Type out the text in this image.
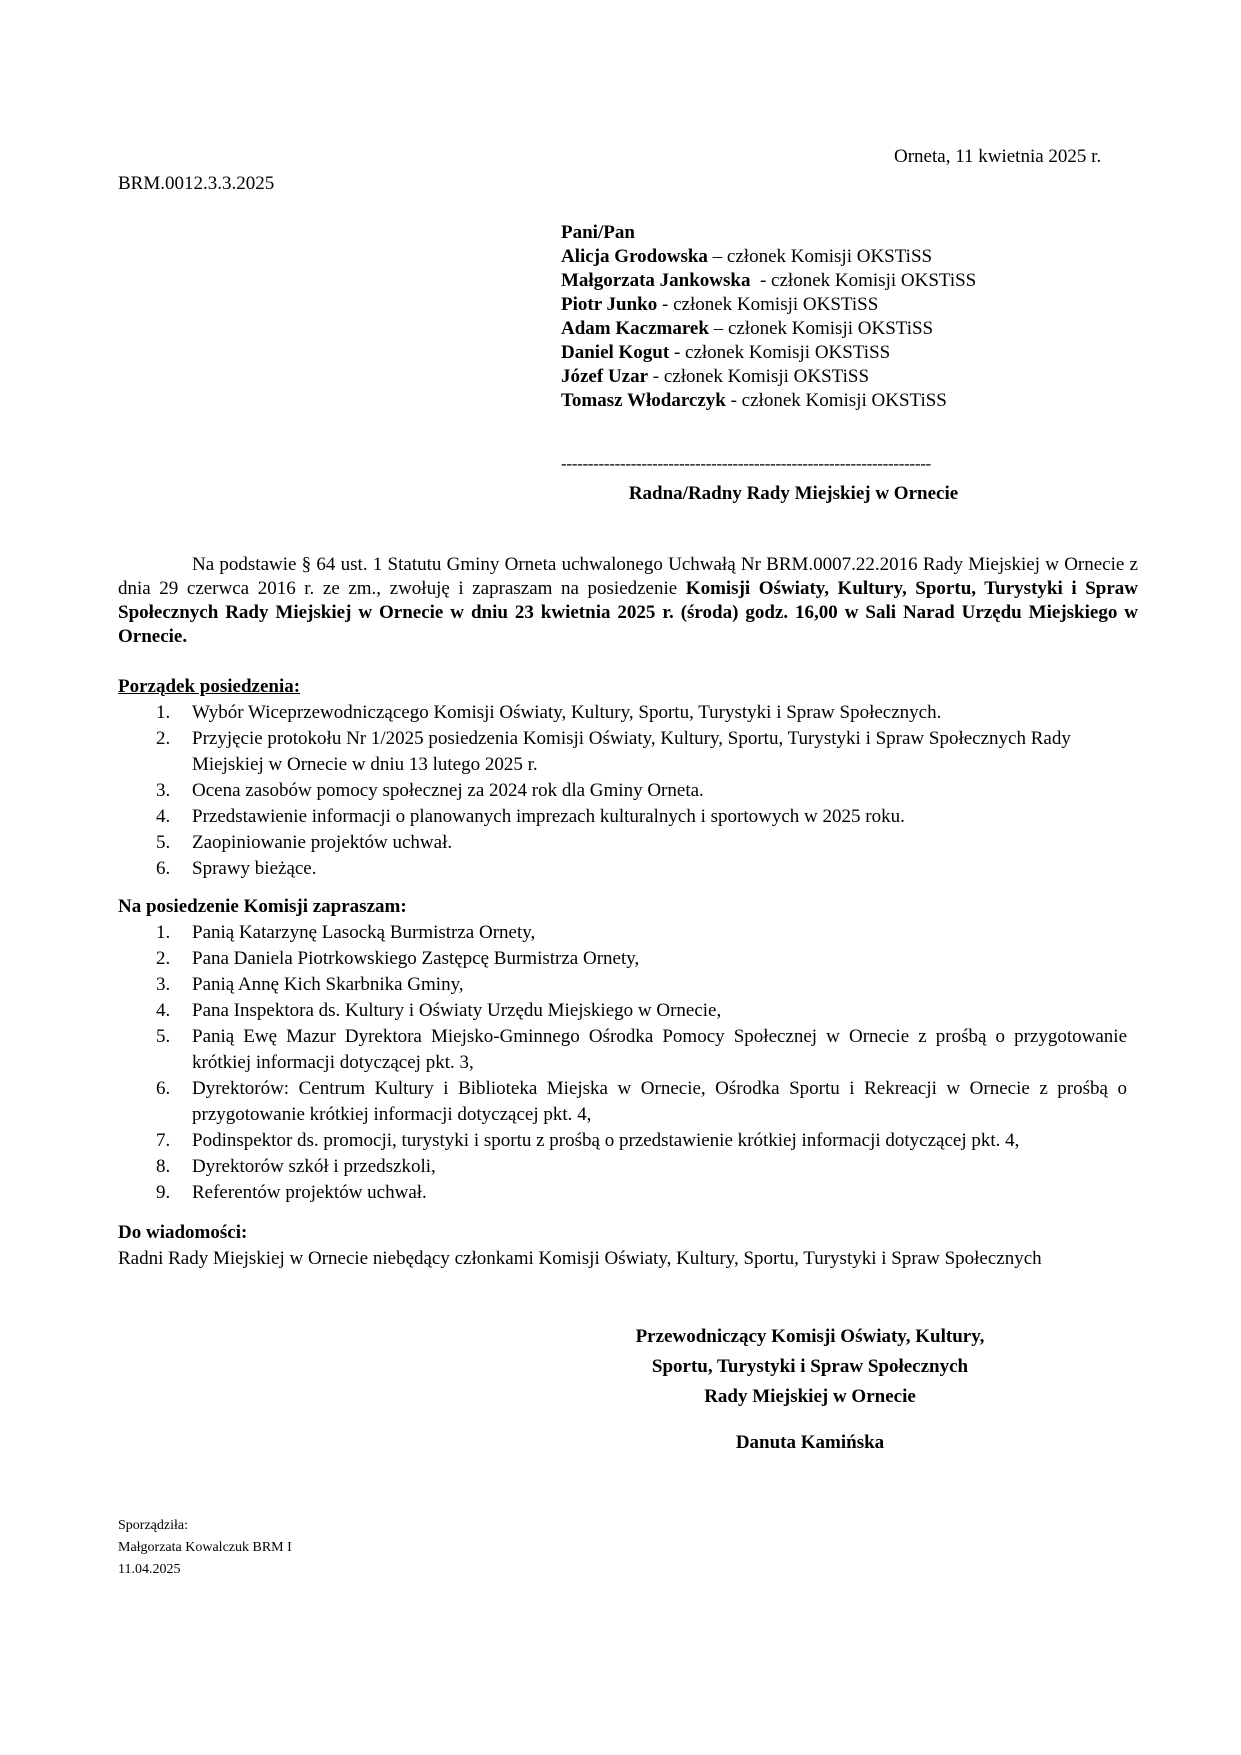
Orneta, 11 kwietnia 2025 r.
BRM.0012.3.3.2025
Pani/Pan
Alicja Grodowska – członek Komisji OKSTiSS
Małgorzata Jankowska  - członek Komisji OKSTiSS
Piotr Junko - członek Komisji OKSTiSS
Adam Kaczmarek – członek Komisji OKSTiSS
Daniel Kogut - członek Komisji OKSTiSS
Józef Uzar - członek Komisji OKSTiSS
Tomasz Włodarczyk - członek Komisji OKSTiSS
---------------------------------------------------------------------
Radna/Radny Rady Miejskiej w Ornecie
Na podstawie § 64 ust. 1 Statutu Gminy Orneta uchwalonego Uchwałą Nr BRM.0007.22.2016 Rady Miejskiej w Ornecie z dnia 29 czerwca 2016 r. ze zm., zwołuję i zapraszam na posiedzenie Komisji Oświaty, Kultury, Sportu, Turystyki i Spraw Społecznych Rady Miejskiej w Ornecie w dniu 23 kwietnia 2025 r. (środa) godz. 16,00 w Sali Narad Urzędu Miejskiego w Ornecie.
Porządek posiedzenia:
1. Wybór Wiceprzewodniczącego Komisji Oświaty, Kultury, Sportu, Turystyki i Spraw Społecznych.
2. Przyjęcie protokołu Nr 1/2025 posiedzenia Komisji Oświaty, Kultury, Sportu, Turystyki i Spraw Społecznych Rady Miejskiej w Ornecie w dniu 13 lutego 2025 r.
3. Ocena zasobów pomocy społecznej za 2024 rok dla Gminy Orneta.
4. Przedstawienie informacji o planowanych imprezach kulturalnych i sportowych w 2025 roku.
5. Zaopiniowanie projektów uchwał.
6. Sprawy bieżące.
Na posiedzenie Komisji zapraszam:
1. Panią Katarzynę Lasocką Burmistrza Ornety,
2. Pana Daniela Piotrkowskiego Zastępcę Burmistrza Ornety,
3. Panią Annę Kich Skarbnika Gminy,
4. Pana Inspektora ds. Kultury i Oświaty Urzędu Miejskiego w Ornecie,
5. Panią Ewę Mazur Dyrektora Miejsko-Gminnego Ośrodka Pomocy Społecznej w Ornecie z prośbą o przygotowanie krótkiej informacji dotyczącej pkt. 3,
6. Dyrektorów: Centrum Kultury i Biblioteka Miejska w Ornecie, Ośrodka Sportu i Rekreacji w Ornecie z prośbą o przygotowanie krótkiej informacji dotyczącej pkt. 4,
7. Podinspektor ds. promocji, turystyki i sportu z prośbą o przedstawienie krótkiej informacji dotyczącej pkt. 4,
8. Dyrektorów szkół i przedszkoli,
9. Referentów projektów uchwał.
Do wiadomości:
Radni Rady Miejskiej w Ornecie niebędący członkami Komisji Oświaty, Kultury, Sportu, Turystyki i Spraw Społecznych
Przewodniczący Komisji Oświaty, Kultury,
Sportu, Turystyki i Spraw Społecznych
Rady Miejskiej w Ornecie
Danuta Kamińska
Sporządziła:
Małgorzata Kowalczuk BRM I
11.04.2025
